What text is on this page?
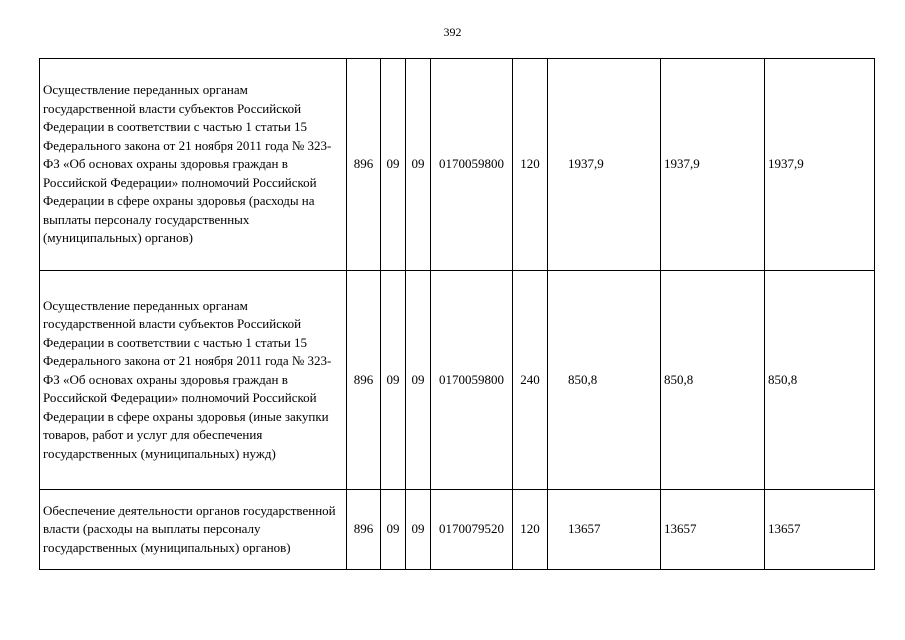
392
Осуществление переданных органам государственной власти субъектов Российской Федерации в соответствии с частью 1 статьи 15 Федерального закона от 21 ноября 2011 года № 323-ФЗ «Об основах охраны здоровья граждан в Российской Федерации» полномочий Российской Федерации в сфере охраны здоровья (расходы на выплаты персоналу государственных (муниципальных) органов)	896	09	09	0170059800	120	1937,9	1937,9	1937,9

Осуществление переданных органам государственной власти субъектов Российской Федерации в соответствии с частью 1 статьи 15 Федерального закона от 21 ноября 2011 года № 323-ФЗ «Об основах охраны здоровья граждан в Российской Федерации» полномочий Российской Федерации в сфере охраны здоровья (иные закупки товаров, работ и услуг для обеспечения государственных (муниципальных) нужд)	896	09	09	0170059800	240	850,8	850,8	850,8

Обеспечение деятельности органов государственной власти (расходы на выплаты персоналу государственных (муниципальных) органов)	896	09	09	0170079520	120	13657	13657	13657
